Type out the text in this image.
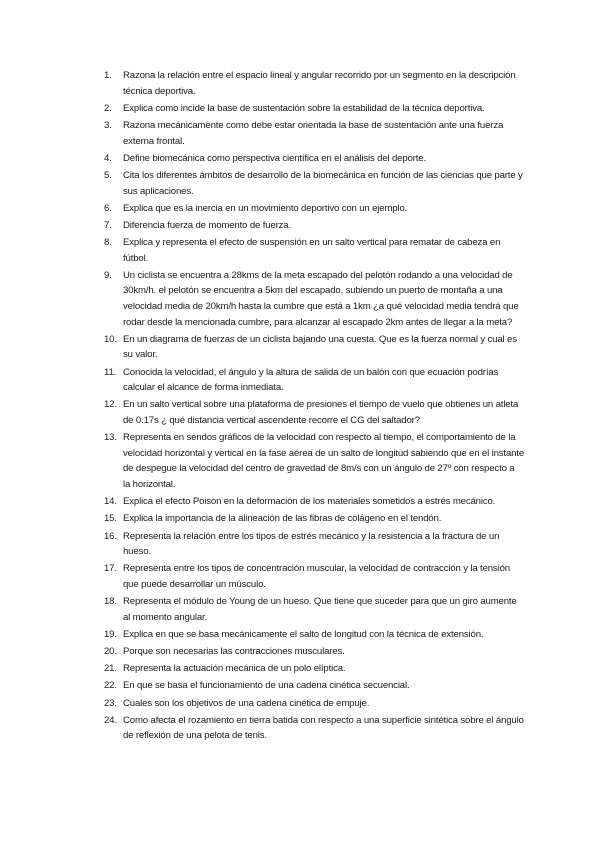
1.	Razona la relación entre el espacio lineal y angular recorrido por un segmento en la descripción técnica deportiva.
2.	Explica como incide la base de sustentación sobre la estabilidad de la técnica deportiva.
3.	Razona mecánicamente como debe estar orientada la base de sustentación ante una fuerza externa frontal.
4.	Define biomecánica como perspectiva científica en el análisis del deporte.
5.	Cita los diferentes ámbitos de desarrollo de la biomecánica en función de las ciencias que parte y sus aplicaciones.
6.	Explica que es la inercia en un movimiento deportivo con un ejemplo.
7.	Diferencia fuerza de momento de fuerza.
8.	Explica y representa el efecto de suspensión en un salto vertical para rematar de cabeza en fútbol.
9.	Un ciclista se encuentra a 28kms de la meta escapado del pelotón rodando a una velocidad de 30km/h. el pelotón se encuentra a 5km del escapado, subiendo un puerto de montaña a una velocidad media de 20km/h hasta la cumbre que está a 1km ¿a qué velocidad media tendrá que rodar desde la mencionada cumbre, para alcanzar al escapado 2km antes de llegar a la meta?
10. En un diagrama de fuerzas de un ciclista bajando una cuesta. Que es la fuerza normal y cual es su valor.
11. Conocida la velocidad, el ángulo y la altura de salida de un balón con que ecuación podrías calcular el alcance de forma inmediata.
12. En un salto vertical sobre una plataforma de presiones el tiempo de vuelo que obtienes un atleta de 0.17s ¿ qué distancia vertical ascendente recorre el CG del saltador?
13. Representa en sendos gráficos de la velocidad con respecto al tiempo, el comportamiento de la velocidad horizontal y vertical en la fase aérea de un salto de longitud sabiendo que en el instante de despegue la velocidad del centro de gravedad de 8m/s con un ángulo de 27º con respecto a la horizontal.
14. Explica el efecto Poison en la deformación de los materiales sometidos a estrés mecánico.
15. Explica la importancia de la alineación de las fibras de colágeno en el tendón.
16. Representa la relación entre los tipos de estrés mecánico y la resistencia a la fractura de un hueso.
17. Representa entre los tipos de concentración muscular, la velocidad de contracción y la tensión que puede desarrollar un músculo.
18. Representa el módulo de Young de un hueso. Que tiene que suceder para que un giro aumente al momento angular.
19. Explica en que se basa mecánicamente el salto de longitud con la técnica de extensión.
20. Porque son necesarias las contracciones musculares.
21. Representa la actuación mecánica de un polo elíptica.
22. En que se basa el funcionamiento de una cadena cinética secuencial.
23. Cuales son los objetivos de una cadena cinética de empuje.
24. Como afecta el rozamiento en tierra batida con respecto a una superficie sintética sobre el ángulo de reflexión de una pelota de tenis.
